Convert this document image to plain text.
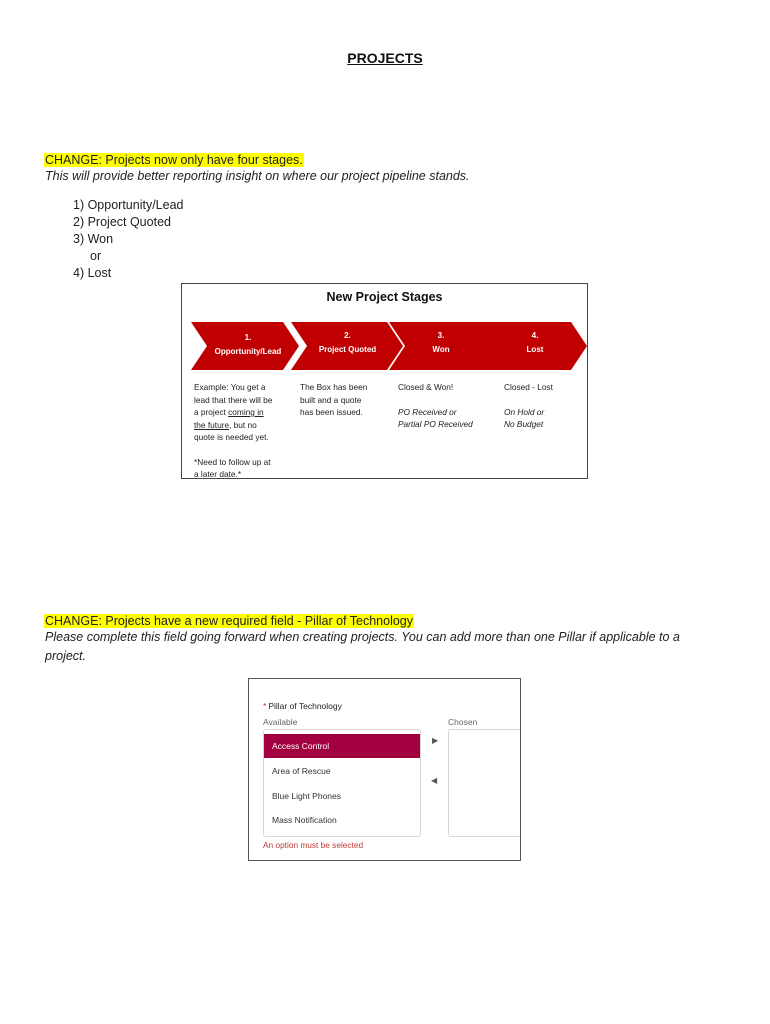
PROJECTS
CHANGE: Projects now only have four stages.
This will provide better reporting insight on where our project pipeline stands.
1) Opportunity/Lead
2) Project Quoted
3) Won
or
4) Lost
New Project Stages
1.
Opportunity/Lead
2.
Project Quoted
3.
Won
4.
Lost
Example: You get a
lead that there will be
a project coming in
the future, but no
quote is needed yet.
*Need to follow up at
a later date.*
The Box has been
built and a quote
has been issued.
Closed & Won!
PO Received or
Partial PO Received
Closed - Lost
On Hold or
No Budget
CHANGE: Projects have a new required field - Pillar of Technology
Please complete this field going forward when creating projects. You can add more than one Pillar if applicable to a
project.
* Pillar of Technology
Available	Chosen
Access Control
Area of Rescue
Blue Light Phones
Mass Notification
▶
◀
An option must be selected
